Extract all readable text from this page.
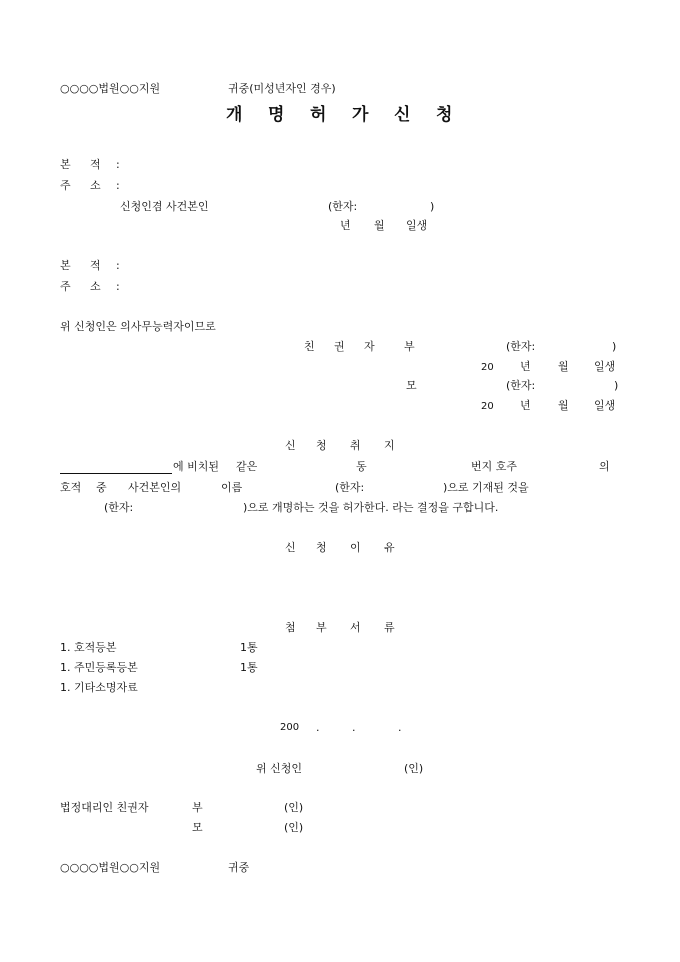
○○○○법원○○지원	귀중(미성년자인 경우)
개 명 허 가 신 청
본 적 :
주 소 :
신청인겸 사건본인	(한자:	)
년 월 일생
본 적 :
주 소 :
위 신청인은 의사무능력자이므로
친 권 자	부	(한자:	)
20 년 월 일생
모	(한자:	)
20 년 월 일생
신 청 취 지
에 비치된 같은	동	번지 호주	의
호적 중 사건본인의	이름	(한자:	)으로 기재된 것을
(한자:	)으로 개명하는 것을 허가한다. 라는 결정을 구합니다.
신 청 이 유
첨 부 서 류
1. 호적등본	1통
1. 주민등록등본	1통
1. 기타소명자료
200 .	.	.
위 신청인	(인)
법정대리인 친권자	부	(인)
모	(인)
○○○○법원○○지원	귀중
